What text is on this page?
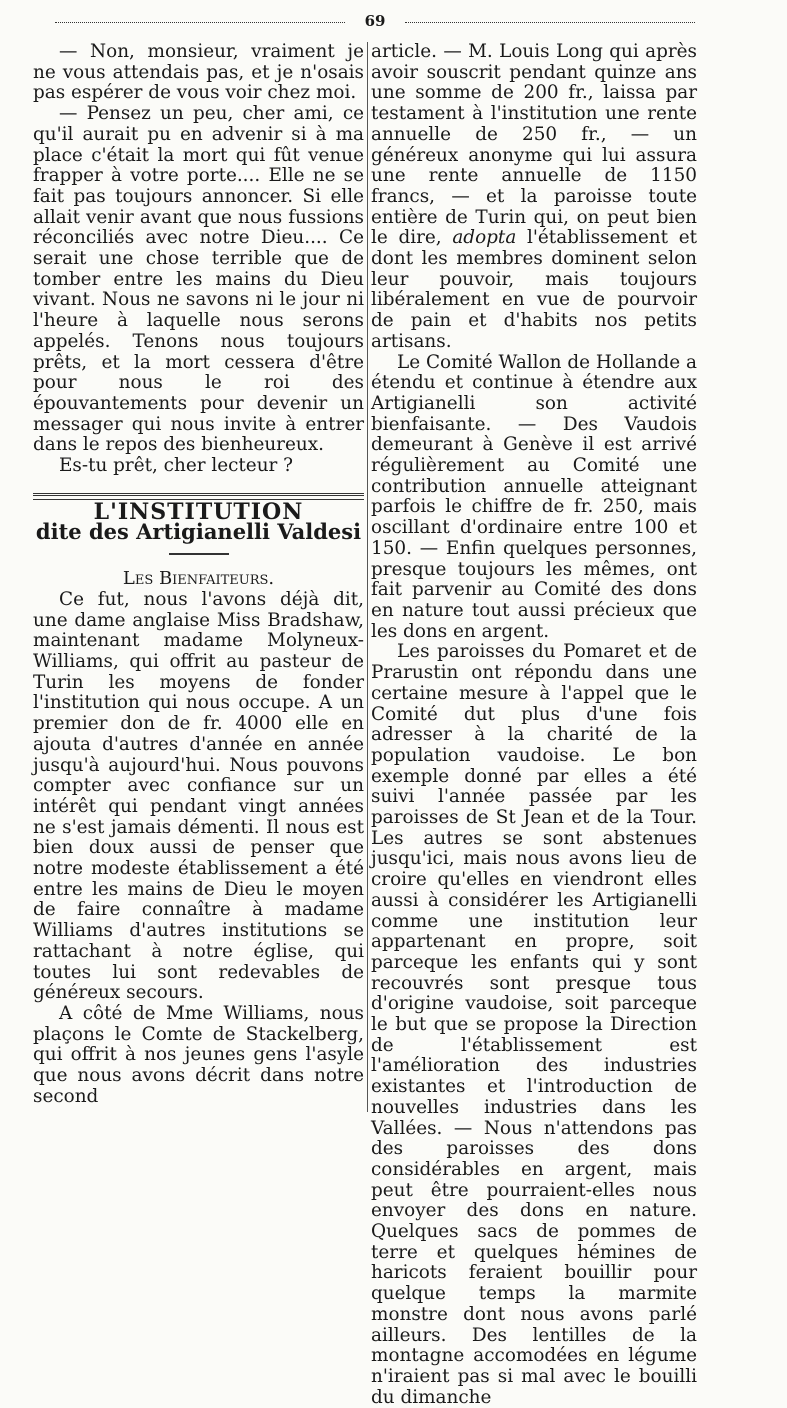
69

— Non, monsieur, vraiment je ne vous attendais pas, et je n'osais pas espérer de vous voir chez moi.

— Pensez un peu, cher ami, ce qu'il aurait pu en advenir si à ma place c'était la mort qui fût venue frapper à votre porte.... Elle ne se fait pas toujours annoncer. Si elle allait venir avant que nous fussions réconciliés avec notre Dieu.... Ce serait une chose terrible que de tomber entre les mains du Dieu vivant. Nous ne savons ni le jour ni l'heure à laquelle nous serons appelés. Tenons nous toujours prêts, et la mort cessera d'être pour nous le roi des épouvantements pour devenir un messager qui nous invite à entrer dans le repos des bienheureux.

Es-tu prêt, cher lecteur ?

L'INSTITUTION

dite des Artigianelli Valdesi

Les Bienfaiteurs.

Ce fut, nous l'avons déjà dit, une dame anglaise Miss Bradshaw, maintenant madame Molyneux-Williams, qui offrit au pasteur de Turin les moyens de fonder l'institution qui nous occupe. A un premier don de fr. 4000 elle en ajouta d'autres d'année en année jusqu'à aujourd'hui. Nous pouvons compter avec confiance sur un intérêt qui pendant vingt années ne s'est jamais démenti. Il nous est bien doux aussi de penser que notre modeste établissement a été entre les mains de Dieu le moyen de faire connaître à madame Williams d'autres institutions se rattachant à notre église, qui toutes lui sont redevables de généreux secours.

A côté de Mme Williams, nous plaçons le Comte de Stackelberg, qui offrit à nos jeunes gens l'asyle que nous avons décrit dans notre second

article. — M. Louis Long qui après avoir souscrit pendant quinze ans une somme de 200 fr., laissa par testament à l'institution une rente annuelle de 250 fr., — un généreux anonyme qui lui assura une rente annuelle de 1150 francs, — et la paroisse toute entière de Turin qui, on peut bien le dire, adopta l'établissement et dont les membres dominent selon leur pouvoir, mais toujours libéralement en vue de pourvoir de pain et d'habits nos petits artisans.

Le Comité Wallon de Hollande a étendu et continue à étendre aux Artigianelli son activité bienfaisante. — Des Vaudois demeurant à Genève il est arrivé régulièrement au Comité une contribution annuelle atteignant parfois le chiffre de fr. 250, mais oscillant d'ordinaire entre 100 et 150. — Enfin quelques personnes, presque toujours les mêmes, ont fait parvenir au Comité des dons en nature tout aussi précieux que les dons en argent.

Les paroisses du Pomaret et de Prarustin ont répondu dans une certaine mesure à l'appel que le Comité dut plus d'une fois adresser à la charité de la population vaudoise. Le bon exemple donné par elles a été suivi l'année passée par les paroisses de St Jean et de la Tour. Les autres se sont abstenues jusqu'ici, mais nous avons lieu de croire qu'elles en viendront elles aussi à considérer les Artigianelli comme une institution leur appartenant en propre, soit parceque les enfants qui y sont recouvrés sont presque tous d'origine vaudoise, soit parceque le but que se propose la Direction de l'établissement est l'amélioration des industries existantes et l'introduction de nouvelles industries dans les Vallées. — Nous n'attendons pas des paroisses des dons considérables en argent, mais peut être pourraient-elles nous envoyer des dons en nature. Quelques sacs de pommes de terre et quelques hémines de haricots feraient bouillir pour quelque temps la marmite monstre dont nous avons parlé ailleurs. Des lentilles de la montagne accomodées en légume n'iraient pas si mal avec le bouilli du dimanche
